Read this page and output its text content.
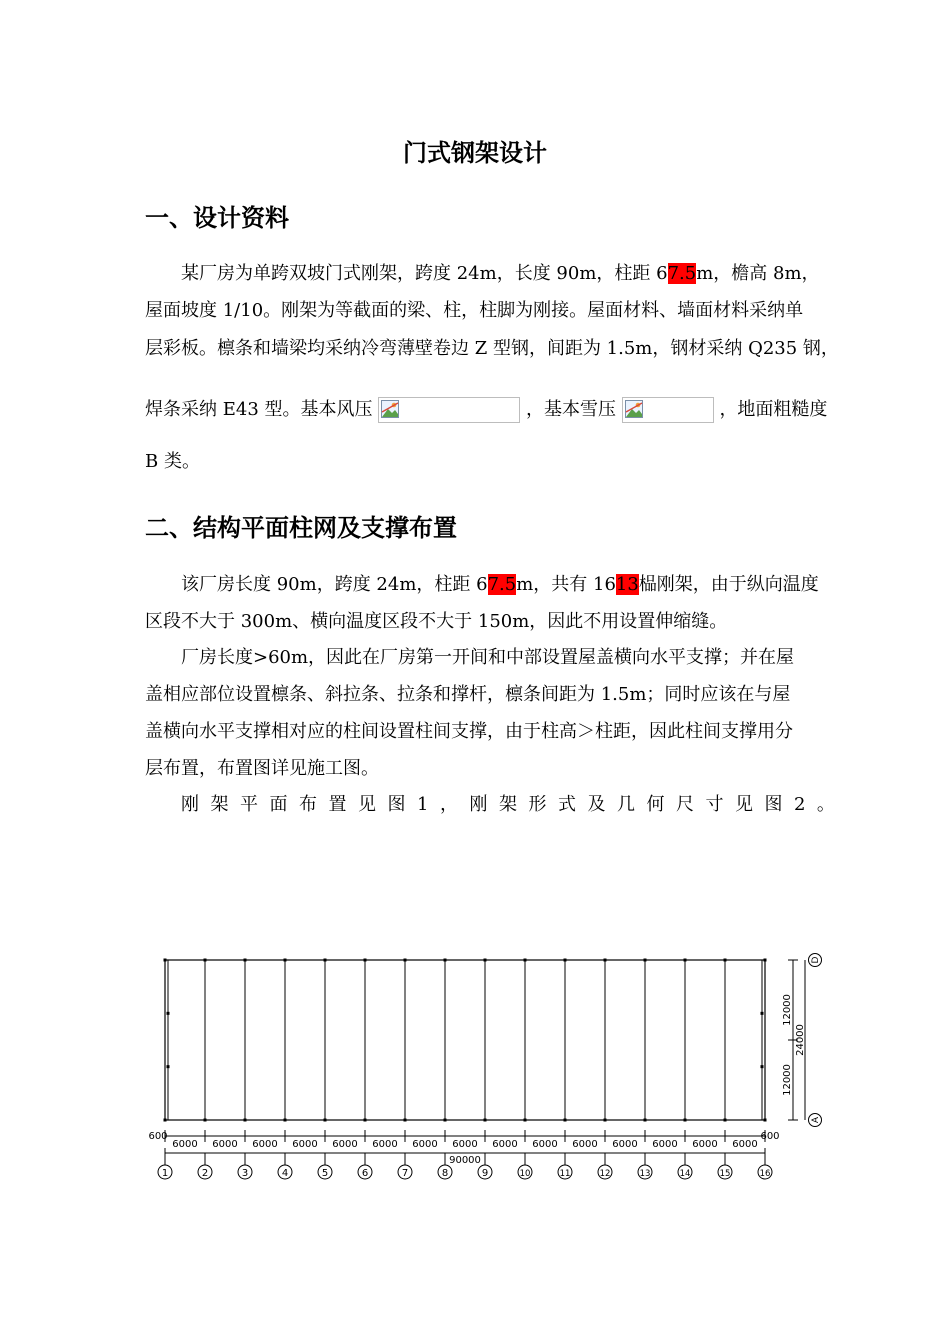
门式钢架设计
一、设计资料
某厂房为单跨双坡门式刚架，跨度 24m，长度 90m，柱距 67.5m，檐高 8m，
屋面坡度 1/10。刚架为等截面的梁、柱，柱脚为刚接。屋面材料、墙面材料采纳单
层彩板。檩条和墙梁均采纳冷弯薄壁卷边 Z 型钢，间距为 1.5m，钢材采纳 Q235 钢，
焊条采纳 E43 型。基本风压	，基本雪压	，地面粗糙度
B 类。
二、结构平面柱网及支撑布置
该厂房长度 90m，跨度 24m，柱距 67.5m，共有 1613榀刚架，由于纵向温度
区段不大于 300m、横向温度区段不大于 150m，因此不用设置伸缩缝。
厂房长度>60m，因此在厂房第一开间和中部设置屋盖横向水平支撑；并在屋
盖相应部位设置檩条、斜拉条、拉条和撑杆，檩条间距为 1.5m；同时应该在与屋
盖横向水平支撑相对应的柱间设置柱间支撑，由于柱高＞柱距，因此柱间支撑用分
层布置，布置图详见施工图。
刚 架 平 面 布 置 见 图 1 ， 刚 架 形 式 及 几 何 尺 寸 见 图 2 。
6000 6000 6000 6000 6000 6000 6000 6000 6000 6000 6000 6000 6000 6000 6000
600	600
90000
1	2	3	4	5	6	7	8	9	10	11	12	13	14	15	16
12000
12000
24000
D
A
